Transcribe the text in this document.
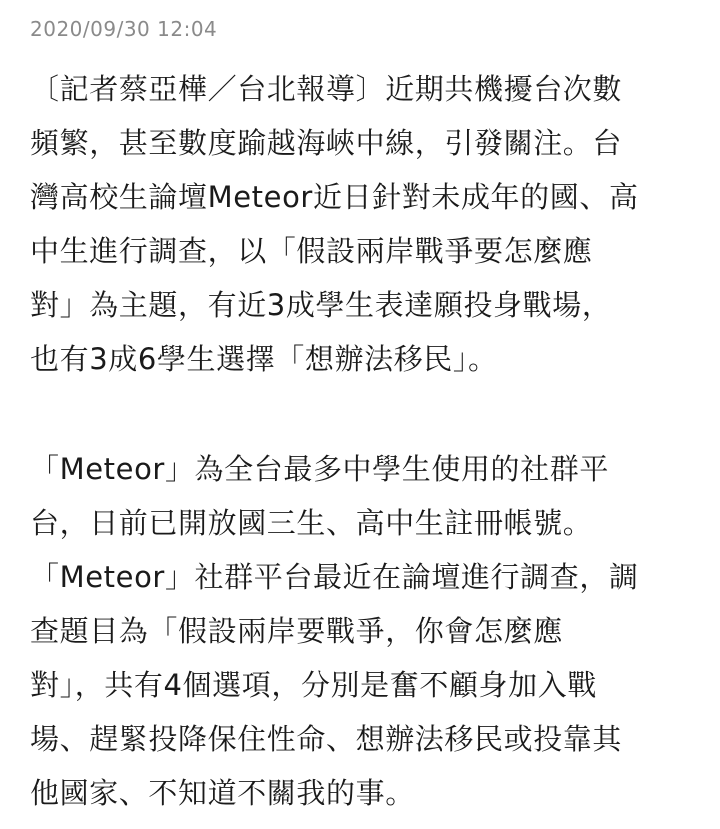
2020/09/30 12:04
〔記者蔡亞樺／台北報導〕近期共機擾台次數
頻繁，甚至數度踰越海峽中線，引發關注。台
灣高校生論壇Meteor近日針對未成年的國、高
中生進行調查，以「假設兩岸戰爭要怎麼應
對」為主題，有近3成學生表達願投身戰場，
也有3成6學生選擇「想辦法移民」。
「Meteor」為全台最多中學生使用的社群平
台，日前已開放國三生、高中生註冊帳號。
「Meteor」社群平台最近在論壇進行調查，調
查題目為「假設兩岸要戰爭，你會怎麼應
對」，共有4個選項，分別是奮不顧身加入戰
場、趕緊投降保住性命、想辦法移民或投靠其
他國家、不知道不關我的事。
